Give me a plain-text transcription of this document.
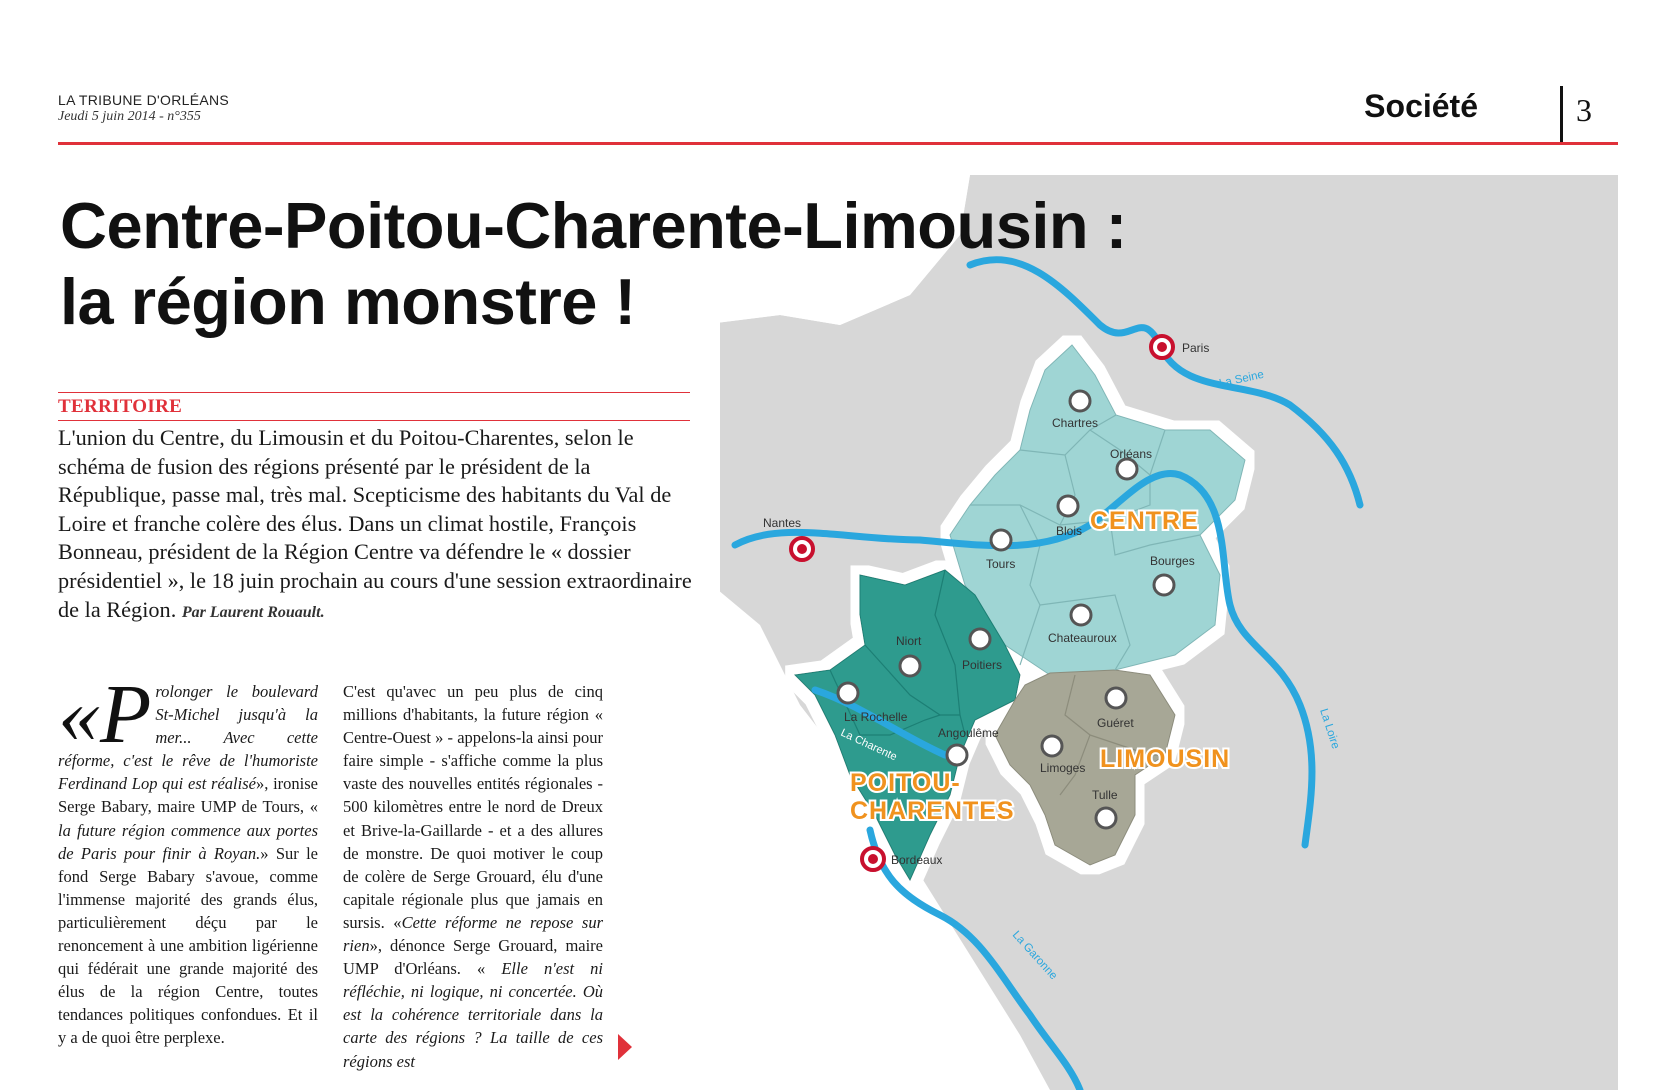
LA TRIBUNE D'ORLÉANS
Jeudi 5 juin 2014 - n°355	Société	3
La Seine
La Loire
La Charente
La Garonne
Paris
Nantes
Bordeaux
Chartres
Orléans
Blois
Tours	Bourges
Chateauroux
Niort
Poitiers
La Rochelle
Angoulême
Guéret
Limoges
Tulle
CENTRE
LIMOUSIN
POITOU-
CHARENTES
Centre-Poitou-Charente-Limousin :
la région monstre !
TERRITOIRE

L'union du Centre, du Limousin et du Poitou-Charentes, selon le schéma de fusion des régions présenté par le président de la République, passe mal, très mal. Scepticisme des habitants du Val de Loire et franche colère des élus. Dans un climat hostile, François Bonneau, président de la Région Centre va défendre le « dossier présidentiel », le 18 juin prochain au cours d'une session extraordinaire de la Région. Par Laurent Rouault.

«P rolonger le boulevard St-Michel jusqu'à la mer... Avec cette réforme, c'est le rêve de l'humoriste Ferdinand Lop qui est réalisé», ironise Serge Babary, maire UMP de Tours, « la future région commence aux portes de Paris pour finir à Royan.» Sur le fond Serge Babary s'avoue, comme l'immense majorité des grands élus, particulièrement déçu par le renoncement à une ambition ligérienne qui fédérait une grande majorité des élus de la région Centre, toutes tendances politiques confondues. Et il y a de quoi être perplexe.

C'est qu'avec un peu plus de cinq millions d'habitants, la future région « Centre-Ouest » - appelons-la ainsi pour faire simple - s'affiche comme la plus vaste des nouvelles entités régionales - 500 kilomètres entre le nord de Dreux et Brive-la-Gaillarde - et a des allures de monstre. De quoi motiver le coup de colère de Serge Grouard, élu d'une capitale régionale plus que jamais en sursis. «Cette réforme ne repose sur rien», dénonce Serge Grouard, maire UMP d'Orléans. « Elle n'est ni réfléchie, ni logique, ni concertée. Où est la cohérence territoriale dans la carte des régions ? La taille de ces régions est
